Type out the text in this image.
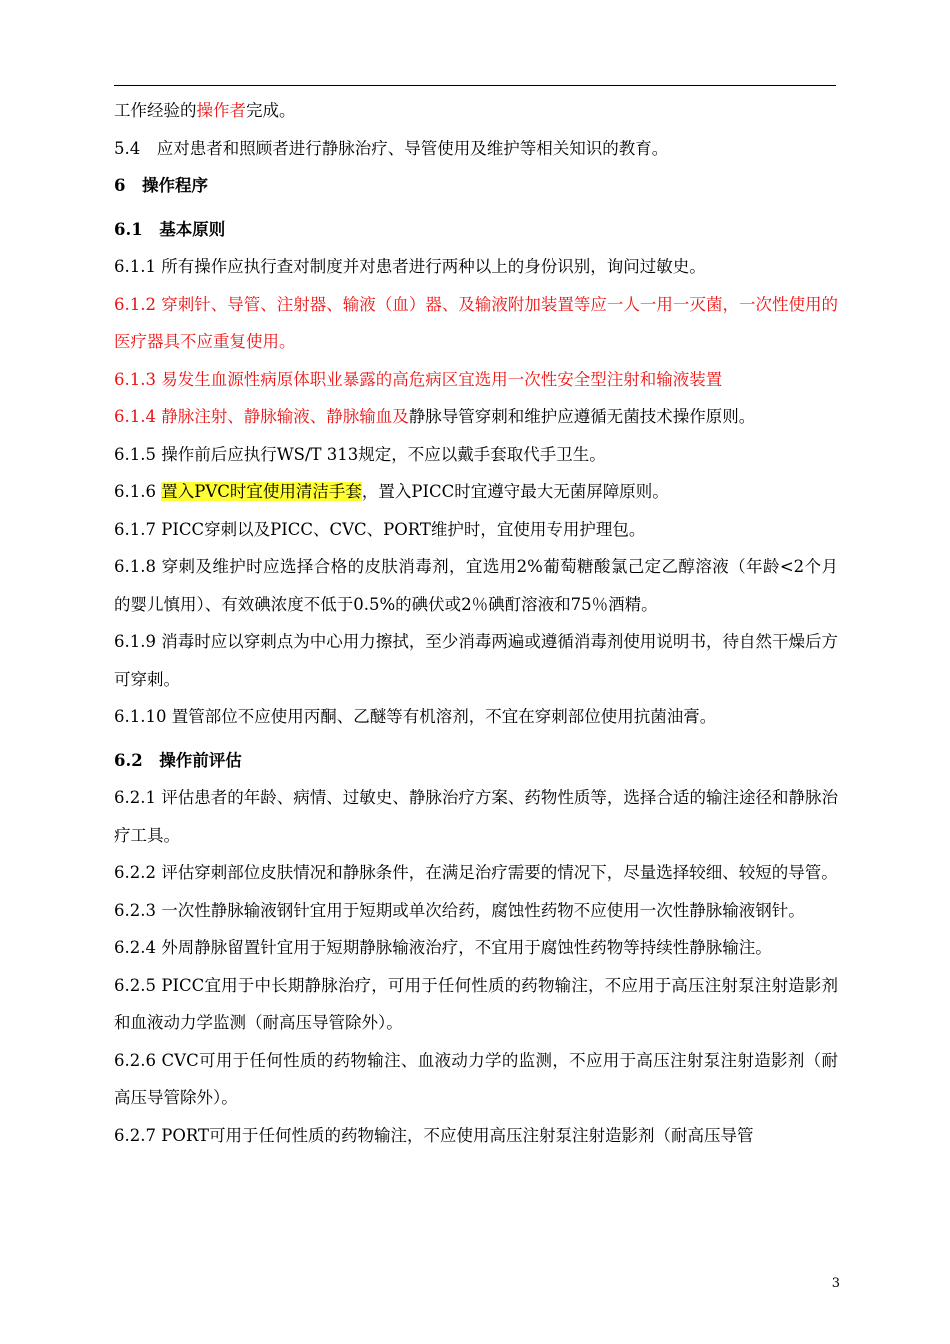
工作经验的操作者完成。

5.4　应对患者和照顾者进行静脉治疗、导管使用及维护等相关知识的教育。

6　操作程序

6.1　基本原则

6.1.1 所有操作应执行查对制度并对患者进行两种以上的身份识别，询问过敏史。

6.1.2 穿刺针、导管、注射器、输液（血）器、及输液附加装置等应一人一用一灭菌，一次性使用的医疗器具不应重复使用。

6.1.3 易发生血源性病原体职业暴露的高危病区宜选用一次性安全型注射和输液装置

6.1.4 静脉注射、静脉输液、静脉输血及静脉导管穿刺和维护应遵循无菌技术操作原则。

6.1.5 操作前后应执行WS/T 313规定，不应以戴手套取代手卫生。

6.1.6 置入PVC时宜使用清洁手套，置入PICC时宜遵守最大无菌屏障原则。

6.1.7 PICC穿刺以及PICC、CVC、PORT维护时，宜使用专用护理包。

6.1.8 穿刺及维护时应选择合格的皮肤消毒剂，宜选用2%葡萄糖酸氯己定乙醇溶液（年龄<2个月的婴儿慎用）、有效碘浓度不低于0.5%的碘伏或2％碘酊溶液和75％酒精。

6.1.9 消毒时应以穿刺点为中心用力擦拭，至少消毒两遍或遵循消毒剂使用说明书，待自然干燥后方可穿刺。

6.1.10 置管部位不应使用丙酮、乙醚等有机溶剂，不宜在穿刺部位使用抗菌油膏。

6.2　操作前评估

6.2.1 评估患者的年龄、病情、过敏史、静脉治疗方案、药物性质等，选择合适的输注途径和静脉治疗工具。

6.2.2 评估穿刺部位皮肤情况和静脉条件，在满足治疗需要的情况下，尽量选择较细、较短的导管。

6.2.3 一次性静脉输液钢针宜用于短期或单次给药，腐蚀性药物不应使用一次性静脉输液钢针。

6.2.4 外周静脉留置针宜用于短期静脉输液治疗，不宜用于腐蚀性药物等持续性静脉输注。

6.2.5 PICC宜用于中长期静脉治疗，可用于任何性质的药物输注，不应用于高压注射泵注射造影剂和血液动力学监测（耐高压导管除外）。

6.2.6 CVC可用于任何性质的药物输注、血液动力学的监测，不应用于高压注射泵注射造影剂（耐高压导管除外）。

6.2.7 PORT可用于任何性质的药物输注，不应使用高压注射泵注射造影剂（耐高压导管

3
